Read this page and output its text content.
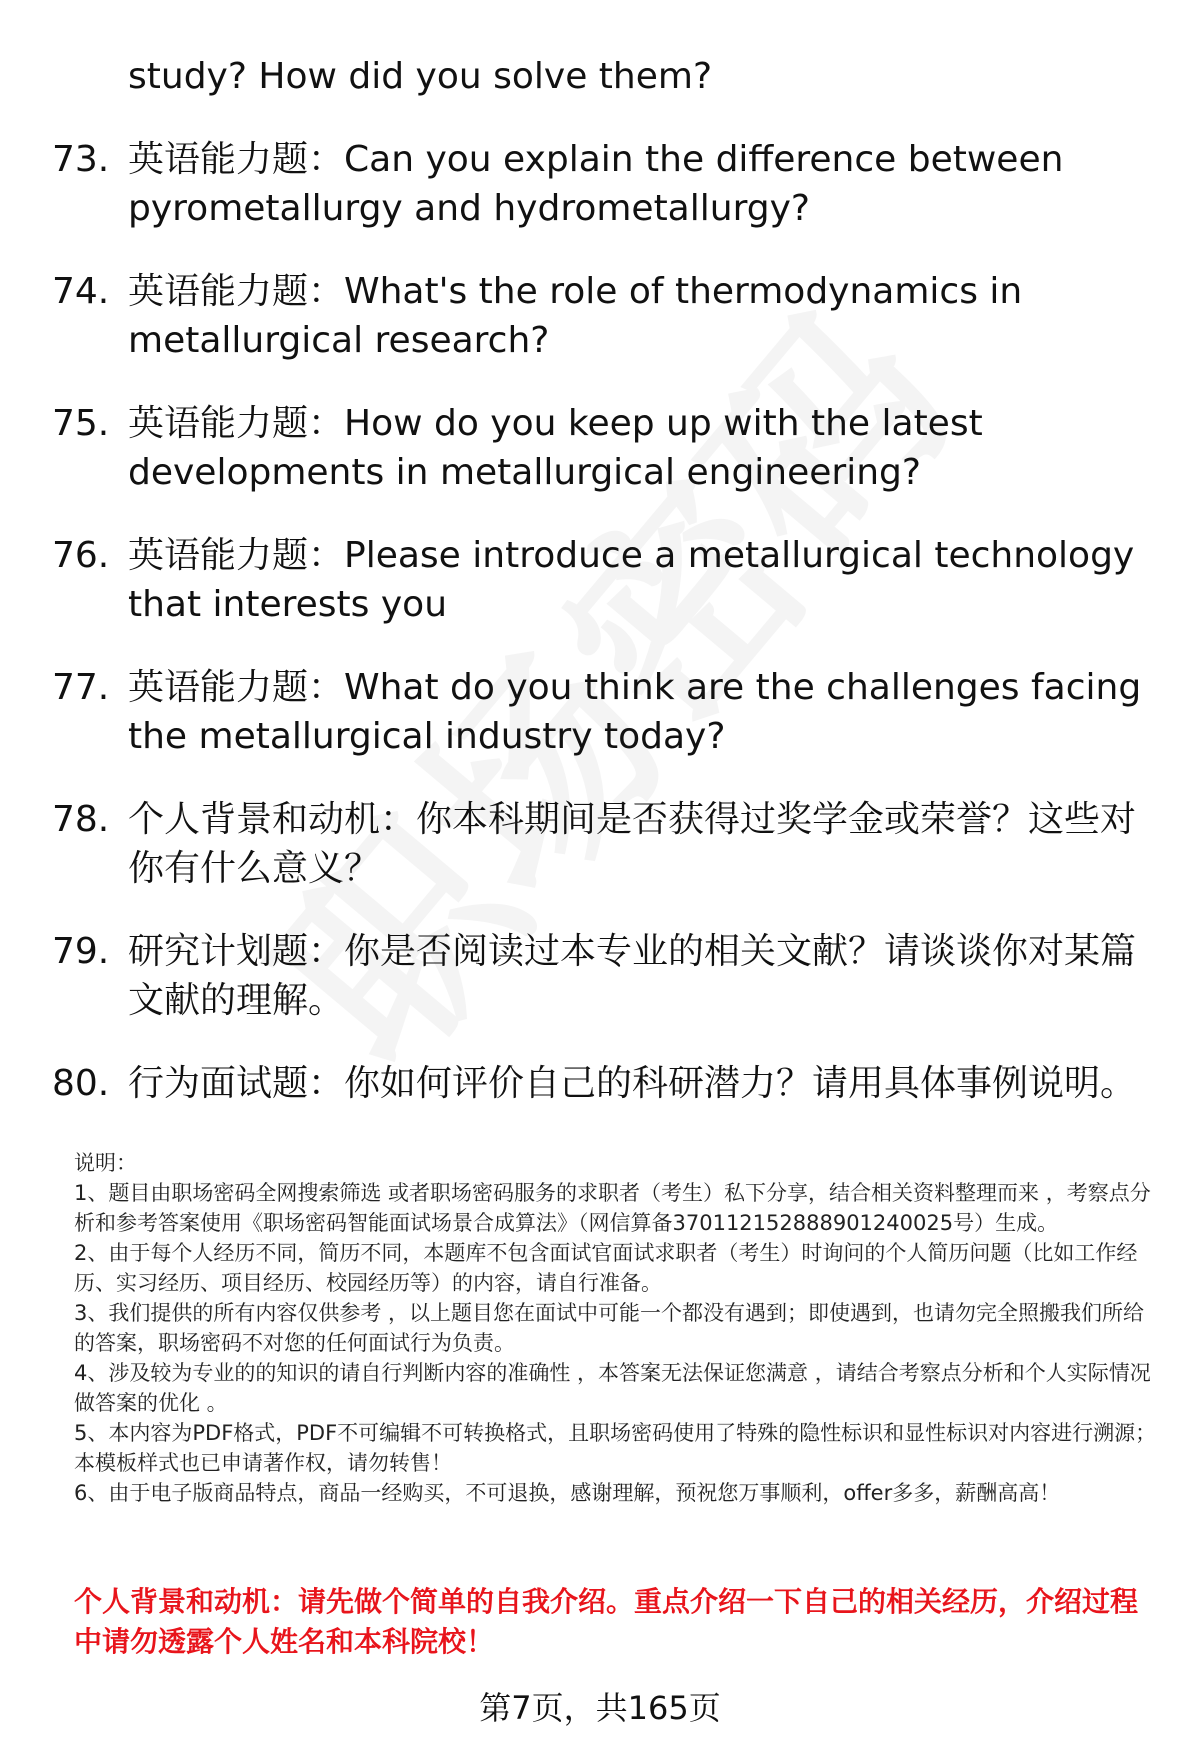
study? How did you solve them?
73. 英语能力题：Can you explain the difference between pyrometallurgy and hydrometallurgy?
74. 英语能力题：What's the role of thermodynamics in metallurgical research?
75. 英语能力题：How do you keep up with the latest developments in metallurgical engineering?
76. 英语能力题：Please introduce a metallurgical technology that interests you
77. 英语能力题：What do you think are the challenges facing the metallurgical industry today?
78. 个人背景和动机：你本科期间是否获得过奖学金或荣誉？这些对你有什么意义？
79. 研究计划题：你是否阅读过本专业的相关文献？请谈谈你对某篇文献的理解。
80. 行为面试题：你如何评价自己的科研潜力？请用具体事例说明。

说明：

1、题目由职场密码全网搜索筛选 或者职场密码服务的求职者（考生）私下分享，结合相关资料整理而来 ，考察点分析和参考答案使用《职场密码智能面试场景合成算法》（网信算备370112152888901240025号）生成。

2、由于每个人经历不同，简历不同，本题库不包含面试官面试求职者（考生）时询问的个人简历问题（比如工作经历、实习经历、项目经历、校园经历等）的内容，请自行准备。

3、我们提供的所有内容仅供参考 ，以上题目您在面试中可能一个都没有遇到；即使遇到，也请勿完全照搬我们所给的答案，职场密码不对您的任何面试行为负责。

4、涉及较为专业的的知识的请自行判断内容的准确性 ，本答案无法保证您满意 ，请结合考察点分析和个人实际情况做答案的优化 。

5、本内容为PDF格式，PDF不可编辑不可转换格式，且职场密码使用了特殊的隐性标识和显性标识对内容进行溯源；本模板样式也已申请著作权，请勿转售！

6、由于电子版商品特点，商品一经购买，不可退换，感谢理解，预祝您万事顺利，offer多多，薪酬高高！

个人背景和动机：请先做个简单的自我介绍。重点介绍一下自己的相关经历，介绍过程中请勿透露个人姓名和本科院校！
第7页，共165页
